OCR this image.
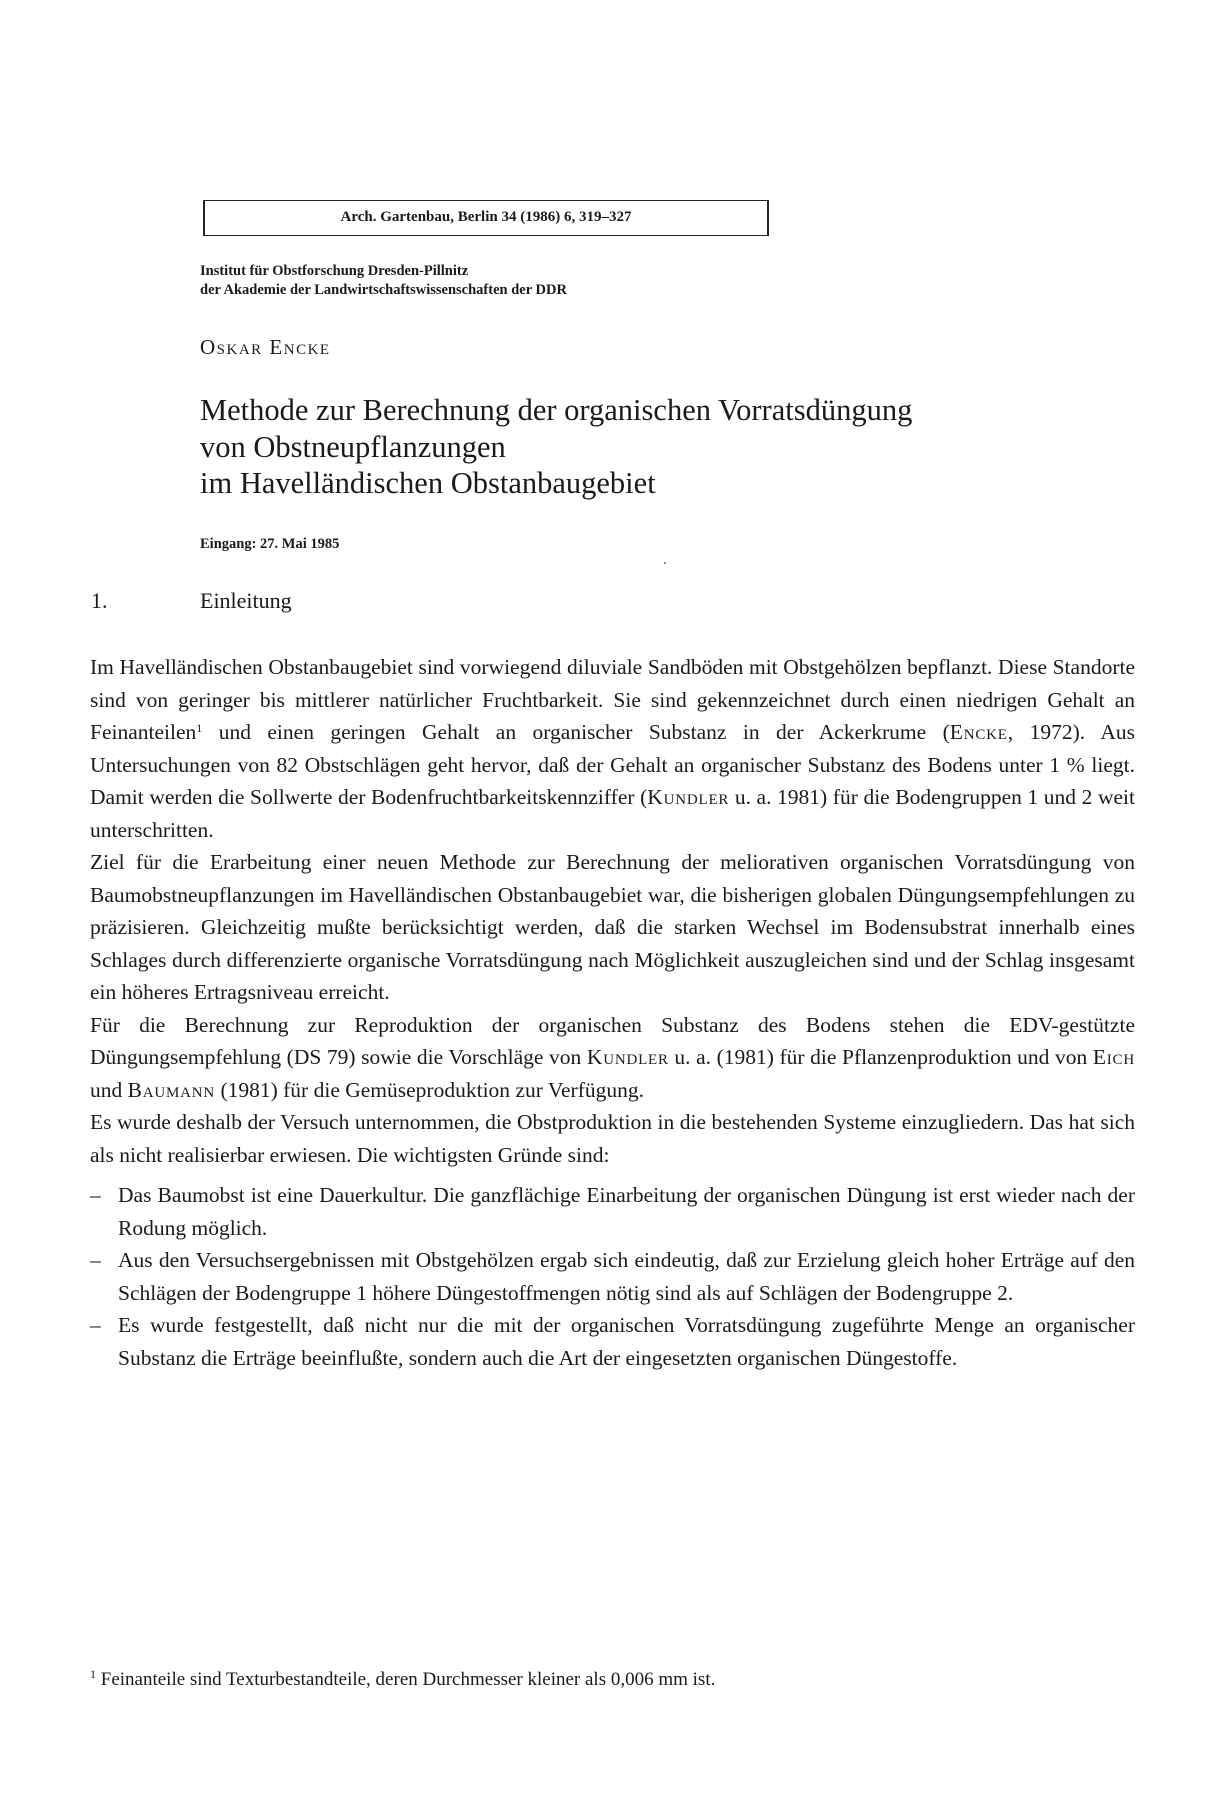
Arch. Gartenbau, Berlin 34 (1986) 6, 319–327
Institut für Obstforschung Dresden-Pillnitz
der Akademie der Landwirtschaftswissenschaften der DDR
Oskar Encke
Methode zur Berechnung der organischen Vorratsdüngung
von Obstneupflanzungen
im Havelländischen Obstanbaugebiet
Eingang: 27. Mai 1985
1.	Einleitung

Im Havelländischen Obstanbaugebiet sind vorwiegend diluviale Sandböden mit Obstgehölzen bepflanzt. Diese Standorte sind von geringer bis mittlerer natürlicher Fruchtbarkeit. Sie sind gekennzeichnet durch einen niedrigen Gehalt an Feinanteilen$^1$ und einen geringen Gehalt an organischer Substanz in der Ackerkrume (Encke, 1972). Aus Untersuchungen von 82 Obstschlägen geht hervor, daß der Gehalt an organischer Substanz des Bodens unter 1 % liegt. Damit werden die Sollwerte der Bodenfruchtbarkeitskennziffer (Kundler u. a. 1981) für die Bodengruppen 1 und 2 weit unterschritten.

Ziel für die Erarbeitung einer neuen Methode zur Berechnung der meliorativen organischen Vorratsdüngung von Baumobstneupflanzungen im Havelländischen Obstanbaugebiet war, die bisherigen globalen Düngungsempfehlungen zu präzisieren. Gleichzeitig mußte berücksichtigt werden, daß die starken Wechsel im Bodensubstrat innerhalb eines Schlages durch differenzierte organische Vorratsdüngung nach Möglichkeit auszugleichen sind und der Schlag insgesamt ein höheres Ertragsniveau erreicht.

Für die Berechnung zur Reproduktion der organischen Substanz des Bodens stehen die EDV-gestützte Düngungsempfehlung (DS 79) sowie die Vorschläge von Kundler u. a. (1981) für die Pflanzenproduktion und von Eich und Baumann (1981) für die Gemüseproduktion zur Verfügung.

Es wurde deshalb der Versuch unternommen, die Obstproduktion in die bestehenden Systeme einzugliedern. Das hat sich als nicht realisierbar erwiesen. Die wichtigsten Gründe sind:

– Das Baumobst ist eine Dauerkultur. Die ganzflächige Einarbeitung der organischen Düngung ist erst wieder nach der Rodung möglich.
– Aus den Versuchsergebnissen mit Obstgehölzen ergab sich eindeutig, daß zur Erzielung gleich hoher Erträge auf den Schlägen der Bodengruppe 1 höhere Düngestoffmengen nötig sind als auf Schlägen der Bodengruppe 2.
– Es wurde festgestellt, daß nicht nur die mit der organischen Vorratsdüngung zugeführte Menge an organischer Substanz die Erträge beeinflußte, sondern auch die Art der eingesetzten organischen Düngestoffe.
$^1$ Feinanteile sind Texturbestandteile, deren Durchmesser kleiner als 0,006 mm ist.
